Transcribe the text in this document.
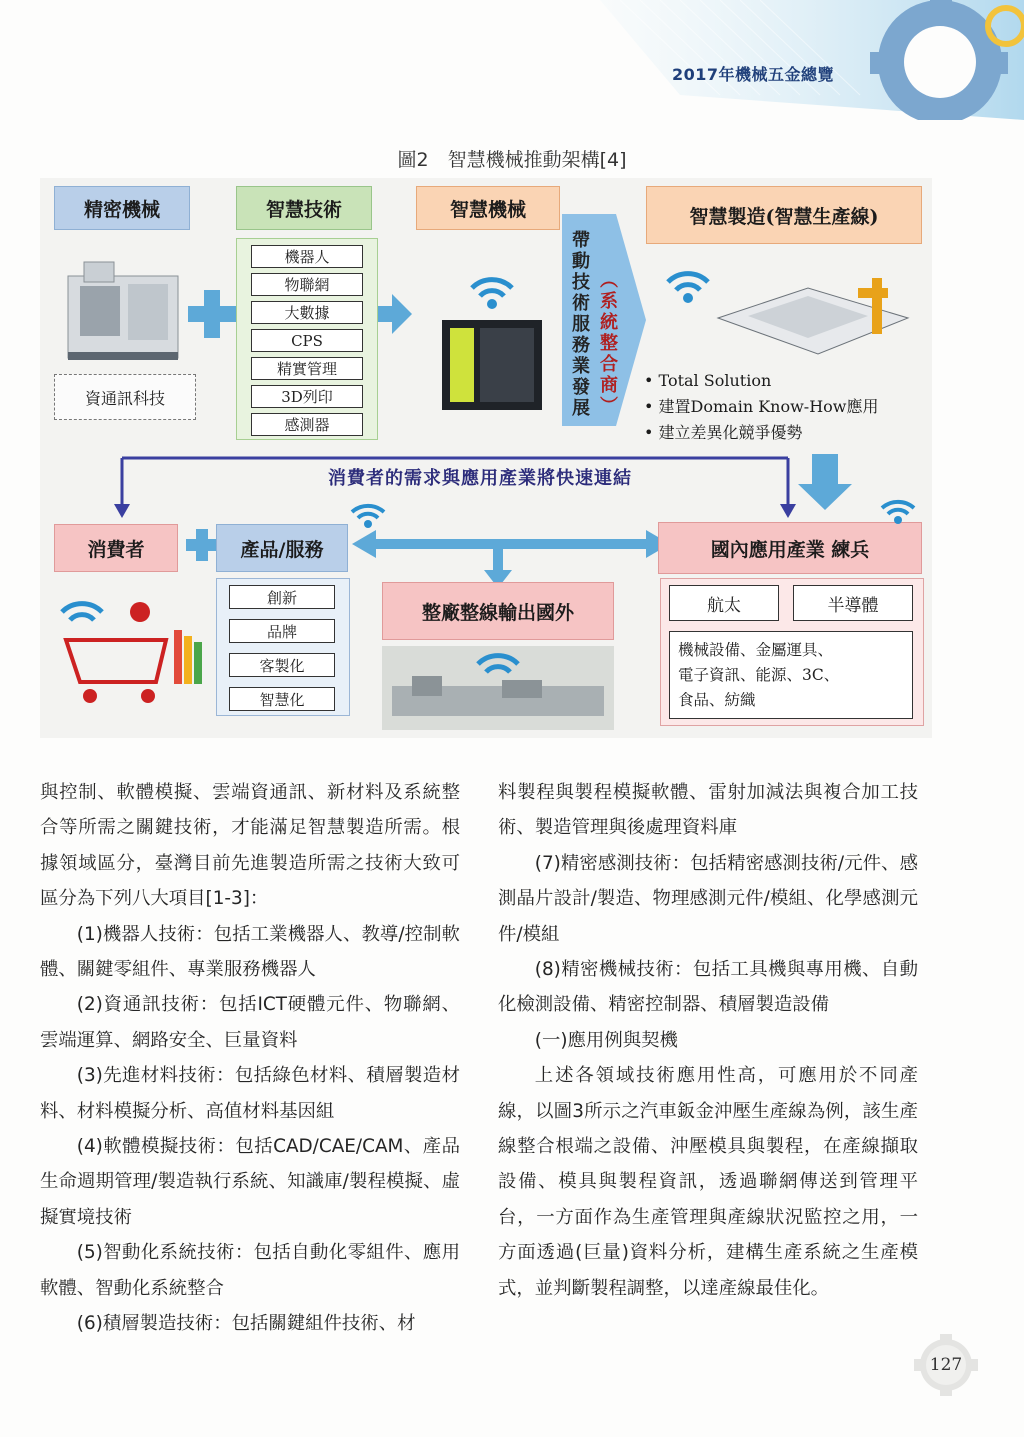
2017年機械五金總覽
圖2　智慧機械推動架構[4]
精密機械	智慧技術	智慧機械	智慧製造(智慧生產線)
資通訊科技
機器人
物聯網
大數據
CPS
精實管理
3D列印
感測器
帶動技術服務業發展 （系統整合商） • Total Solution
• 建置Domain Know-How應用
• 建立差異化競爭優勢
消費者的需求與應用產業將快速連結
消費者	產品/服務
整廠整線輸出國外
國內應用產業 練兵
創新
品牌
客製化
智慧化
航太	半導體
機械設備、金屬運具、
電子資訊、能源、3C、
食品、紡織

與控制、軟體模擬、雲端資通訊、新材料及系統整合等所需之關鍵技術，才能滿足智慧製造所需。根據領域區分，臺灣目前先進製造所需之技術大致可區分為下列八大項目[1-3]：

(1)機器人技術：包括工業機器人、教導/控制軟體、關鍵零組件、專業服務機器人

(2)資通訊技術：包括ICT硬體元件、物聯網、雲端運算、網路安全、巨量資料

(3)先進材料技術：包括綠色材料、積層製造材料、材料模擬分析、高值材料基因組

(4)軟體模擬技術：包括CAD/CAE/CAM、產品生命週期管理/製造執行系統、知識庫/製程模擬、虛擬實境技術

(5)智動化系統技術：包括自動化零組件、應用軟體、智動化系統整合

(6)積層製造技術：包括關鍵組件技術、材

料製程與製程模擬軟體、雷射加減法與複合加工技術、製造管理與後處理資料庫

(7)精密感測技術：包括精密感測技術/元件、感測晶片設計/製造、物理感測元件/模組、化學感測元件/模組

(8)精密機械技術：包括工具機與專用機、自動化檢測設備、精密控制器、積層製造設備

(一)應用例與契機

上述各領域技術應用性高，可應用於不同產線，以圖3所示之汽車鈑金沖壓生產線為例，該生產線整合根端之設備、沖壓模具與製程，在產線擷取設備、模具與製程資訊，透過聯網傳送到管理平台，一方面作為生產管理與產線狀況監控之用，一方面透過(巨量)資料分析，建構生產系統之生產模式，並判斷製程調整，以達產線最佳化。

127
